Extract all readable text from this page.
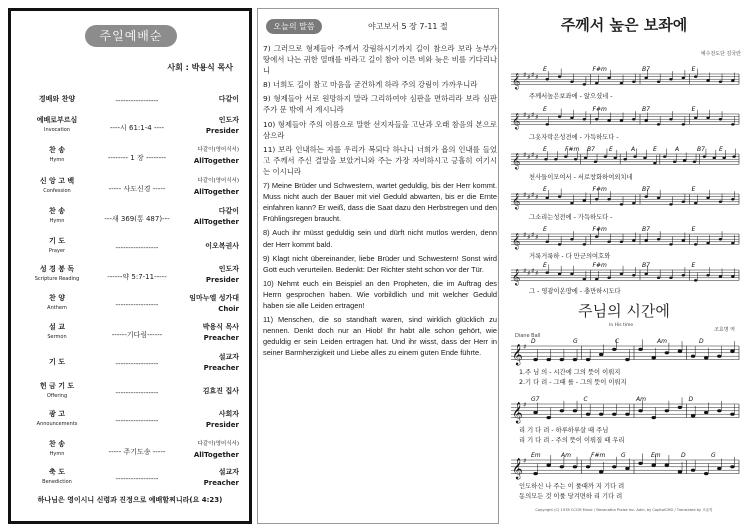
주일예배순
사회 : 박용식 목사
경배와 찬양	-----------------	다같이
예배로부르심
Invocation	----시 61:1-4 ----
인도자
Presider
찬 송
Hymn	-------- 1 장 --------
다같이(영어식서)
AllTogether
신 앙 고 백
Confession	----- 사도신경 -----
다같이(영어식서)
AllTogether
찬 송
Hymn	---새 369(통 487)---
다같이
AllTogether
기 도
Prayer	-----------------	이오복권사
성 경 봉 독
Scripture Reading	------약 5:7-11-----
인도자
Presider
찬 양
Anthem	-----------------
임마누엘 성가대
Choir
설 교
Sermon	------기다림------
박용식 목사
Preacher
기 도	-----------------
설교자
Preacher
헌 금 기 도
Offering	-----------------	김효진 집사
광 고
Announcements	-----------------
사회자
Presider
찬 송
Hymn	----- 주기도송 -----
다같이(영어식서)
AllTogether
축 도
Benediction	-----------------
설교자
Preacher
하나님은 영이시니 신령과 진정으로 예배할찌니라(요 4:23)
오늘의 말씀	야고보서 5 장 7-11 절

7) 그러므로 형제들아 주께서 강림하시기까지 길이 참으라 보라 농부가 땅에서 나는 귀한 열매를 바라고 길이 참아 이른 비와 늦은 비를 기다리나니

8) 너희도 길이 참고 마음을 굳건하게 하라 주의 강림이 가까우니라

9) 형제들아 서로 원망하지 말라 그리하여야 심판을 면하리라 보라 심판주가 문 밖에 서 계시니라

10) 형제들아 주의 이름으로 말한 선지자들을 고난과 오래 참음의 본으로 삼으라

11) 보라 인내하는 자를 우리가 복되다 하나니 너희가 욥의 인내를 들었고 주께서 주신 결말을 보았거니와 주는 가장 자비하시고 긍휼히 여기시는 이시니라

7) Meine Brüder und Schwestern, wartet geduldig, bis der Herr kommt. Muss nicht auch der Bauer mit viel Geduld abwarten, bis er die Ernte einfahren kann? Er weiß, dass die Saat dazu den Herbstregen und den Frühlingsregen braucht.

8) Auch ihr müsst geduldig sein und dürft nicht mutlos werden, denn der Herr kommt bald.

9) Klagt nicht übereinander, liebe Brüder und Schwestern! Sonst wird Gott euch verurteilen. Bedenkt: Der Richter steht schon vor der Tür.

10) Nehmt euch ein Beispiel an den Propheten, die im Auftrag des Herrn gesprochen haben. Wie vorbildlich und mit welcher Geduld haben sie alle Leiden ertragen!

11) Menschen, die so standhaft waren, sind wirklich glücklich zu nennen. Denkt doch nur an Hiob! Ihr habt alle schon gehört, wie geduldig er sein Leiden ertragen hat. Und ihr wisst, dass der Herr in seiner Barmherzigkeit und Liebe alles zu einem guten Ende führte.

𝄞 ♯ ♯ ♯ ♯
E	F#m	B7	E
주께서높은보좌에 - 앉으셨네 -
𝄞 ♯ ♯ ♯ ♯
E	F#m	B7	E
그옷자락은성전에 - 가득하도다 -
𝄞 ♯ ♯ ♯ ♯
E	F#m B7 E	A	E	A	B7 E
천사들이모여서 - 서로창화하여외치네
𝄞 ♯ ♯ ♯ ♯
E	F#m	B7	E
그소리는성전에 - 가득하도다 -
𝄞 ♯ ♯ ♯ ♯
E	F#m	B7	E
거룩거룩하 - 다 만군의여호와
𝄞 ♯ ♯ ♯ ♯
E	F#m	B7	E
그 - 영광이온땅에 - 충만하시도다
𝄞 ♯
D	G	C	Am	D
1.주 님 의 - 시간에 그의 뜻이 이뤄지
2.기 다 려 - 그때 를 - 그의 뜻이 이뤄지
𝄞 ♯
G7	C	Am	D
리 기 다 려 - 하루하루살 때 주님
리 기 다 려 - 주의 뜻이 이뤄질 때 우리
𝄞 ♯
Em	Am	F#m	G	Em	D	G
인도하신 나 주는 이 룰때까 지 기다 려
동의모든 것 이룰 당겨면하 리 기다 려
주께서 높은 보좌에
예수전도단 김국란
주님의 시간에
In His time
Diane Ball
조효명 역
Copyright (C) 1978 CCCM Music / Maranatha Praise Inc. Adm. by CapitolCMG / Translated by 조효명
